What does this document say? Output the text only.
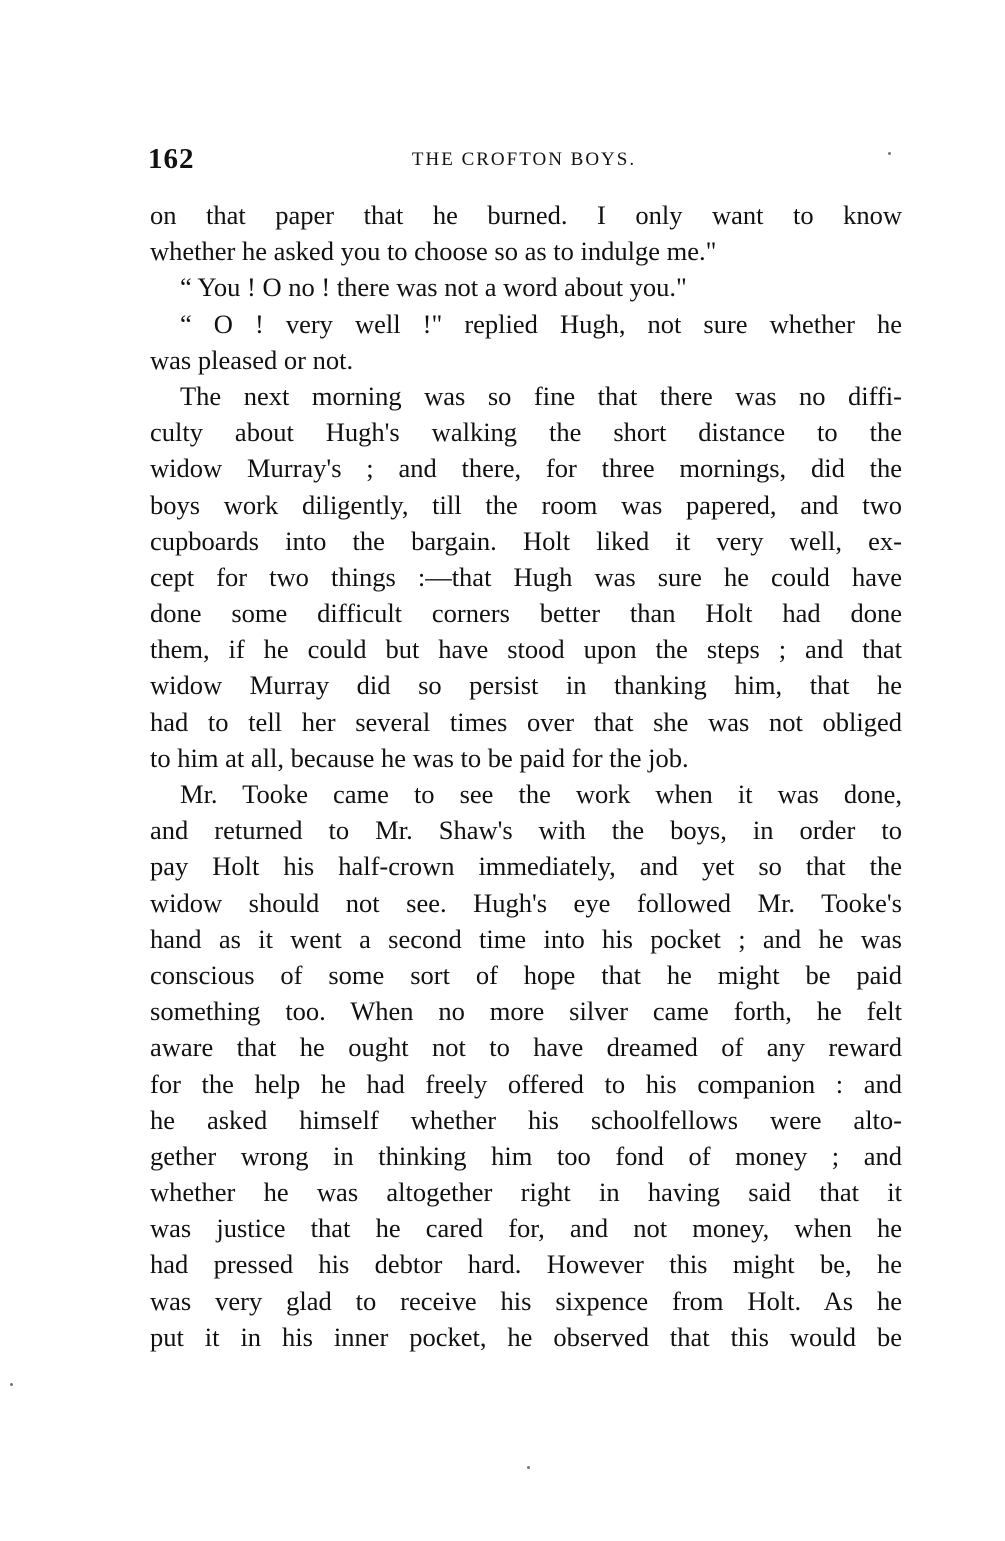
162	THE CROFTON BOYS.
on that paper that he burned. I only want to know
whether he asked you to choose so as to indulge me."
“ You ! O no ! there was not a word about you."
“ O ! very well !" replied Hugh, not sure whether he
was pleased or not.
The next morning was so fine that there was no diffi-
culty about Hugh's walking the short distance to the
widow Murray's ; and there, for three mornings, did the
boys work diligently, till the room was papered, and two
cupboards into the bargain. Holt liked it very well, ex-
cept for two things :—that Hugh was sure he could have
done some difficult corners better than Holt had done
them, if he could but have stood upon the steps ; and that
widow Murray did so persist in thanking him, that he
had to tell her several times over that she was not obliged
to him at all, because he was to be paid for the job.
Mr. Tooke came to see the work when it was done,
and returned to Mr. Shaw's with the boys, in order to
pay Holt his half-crown immediately, and yet so that the
widow should not see. Hugh's eye followed Mr. Tooke's
hand as it went a second time into his pocket ; and he was
conscious of some sort of hope that he might be paid
something too. When no more silver came forth, he felt
aware that he ought not to have dreamed of any reward
for the help he had freely offered to his companion : and
he asked himself whether his schoolfellows were alto-
gether wrong in thinking him too fond of money ; and
whether he was altogether right in having said that it
was justice that he cared for, and not money, when he
had pressed his debtor hard. However this might be, he
was very glad to receive his sixpence from Holt. As he
put it in his inner pocket, he observed that this would be
